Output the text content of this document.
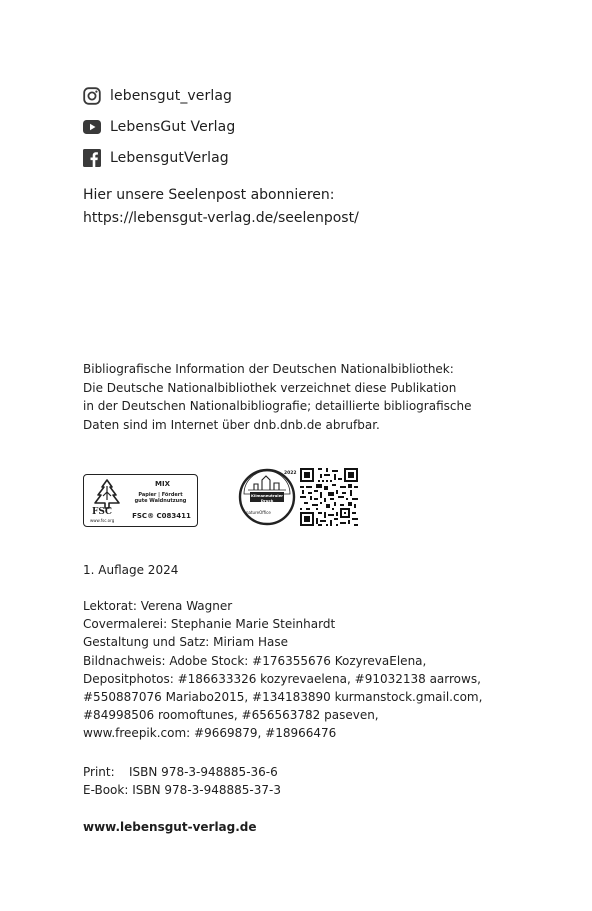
lebensgut_verlag
LebensGut Verlag
LebensgutVerlag
Hier unsere Seelenpost abonnieren:
https://lebensgut-verlag.de/seelenpost/
Bibliografische Information der Deutschen Nationalbibliothek:
Die Deutsche Nationalbibliothek verzeichnet diese Publikation
in der Deutschen Nationalbibliografie; detaillierte bibliografische
Daten sind im Internet über dnb.dnb.de abrufbar.
FSC
www.fsc.org
MIX
Papier | Fördert
gute Waldnutzung
FSC® C083411
2022
Klimaneutraler
Druck
natureOffice
1. Auflage 2024
Lektorat: Verena Wagner
Covermalerei: Stephanie Marie Steinhardt
Gestaltung und Satz: Miriam Hase
Bildnachweis: Adobe Stock: #176355676 KozyrevaElena,
Depositphotos: #186633326 kozyrevaelena, #91032138 aarrows,
#550887076 Mariabo2015, #134183890 kurmanstock.gmail.com,
#84998506 roomoftunes, #656563782 paseven,
www.freepik.com: #9669879, #18966476
Print: ISBN 978-3-948885-36-6
E-Book: ISBN 978-3-948885-37-3
www.lebensgut-verlag.de
